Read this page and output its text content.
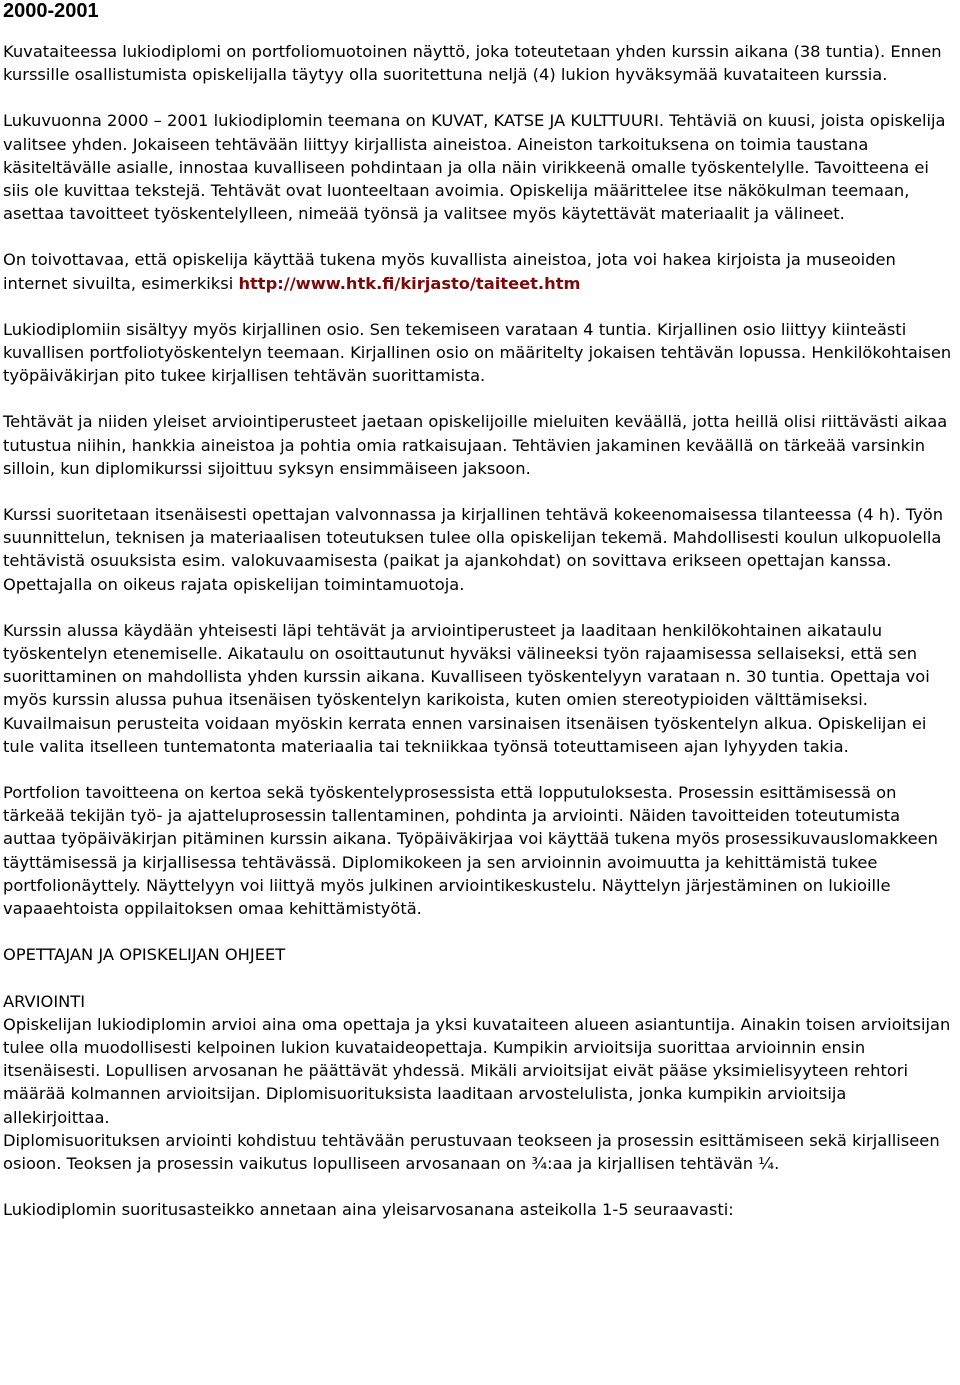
2000-2001

Kuvataiteessa lukiodiplomi on portfoliomuotoinen näyttö, joka toteutetaan yhden kurssin aikana (38 tuntia). Ennen kurssille osallistumista opiskelijalla täytyy olla suoritettuna neljä (4) lukion hyväksymää kuvataiteen kurssia.

Lukuvuonna 2000 – 2001 lukiodiplomin teemana on KUVAT, KATSE JA KULTTUURI. Tehtäviä on kuusi, joista opiskelija valitsee yhden. Jokaiseen tehtävään liittyy kirjallista aineistoa. Aineiston tarkoituksena on toimia taustana käsiteltävälle asialle, innostaa kuvalliseen pohdintaan ja olla näin virikkeenä omalle työskentelylle. Tavoitteena ei siis ole kuvittaa tekstejä. Tehtävät ovat luonteeltaan avoimia. Opiskelija määrittelee itse näkökulman teemaan, asettaa tavoitteet työskentelylleen, nimeää työnsä ja valitsee myös käytettävät materiaalit ja välineet.

On toivottavaa, että opiskelija käyttää tukena myös kuvallista aineistoa, jota voi hakea kirjoista ja museoiden internet sivuilta, esimerkiksi http://www.htk.fi/kirjasto/taiteet.htm

Lukiodiplomiin sisältyy myös kirjallinen osio. Sen tekemiseen varataan 4 tuntia. Kirjallinen osio liittyy kiinteästi kuvallisen portfoliotyöskentelyn teemaan. Kirjallinen osio on määritelty jokaisen tehtävän lopussa. Henkilökohtaisen työpäiväkirjan pito tukee kirjallisen tehtävän suorittamista.

Tehtävät ja niiden yleiset arviointiperusteet jaetaan opiskelijoille mieluiten keväällä, jotta heillä olisi riittävästi aikaa tutustua niihin, hankkia aineistoa ja pohtia omia ratkaisujaan. Tehtävien jakaminen keväällä on tärkeää varsinkin silloin, kun diplomikurssi sijoittuu syksyn ensimmäiseen jaksoon.

Kurssi suoritetaan itsenäisesti opettajan valvonnassa ja kirjallinen tehtävä kokeenomaisessa tilanteessa (4 h). Työn suunnittelun, teknisen ja materiaalisen toteutuksen tulee olla opiskelijan tekemä. Mahdollisesti koulun ulkopuolella tehtävistä osuuksista esim. valokuvaamisesta (paikat ja ajankohdat) on sovittava erikseen opettajan kanssa. Opettajalla on oikeus rajata opiskelijan toimintamuotoja.

Kurssin alussa käydään yhteisesti läpi tehtävät ja arviointiperusteet ja laaditaan henkilökohtainen aikataulu työskentelyn etenemiselle. Aikataulu on osoittautunut hyväksi välineeksi työn rajaamisessa sellaiseksi, että sen suorittaminen on mahdollista yhden kurssin aikana. Kuvalliseen työskentelyyn varataan n. 30 tuntia. Opettaja voi myös kurssin alussa puhua itsenäisen työskentelyn karikoista, kuten omien stereotypioiden välttämiseksi. Kuvailmaisun perusteita voidaan myöskin kerrata ennen varsinaisen itsenäisen työskentelyn alkua. Opiskelijan ei tule valita itselleen tuntematonta materiaalia tai tekniikkaa työnsä toteuttamiseen ajan lyhyyden takia.

Portfolion tavoitteena on kertoa sekä työskentelyprosessista että lopputuloksesta. Prosessin esittämisessä on tärkeää tekijän työ- ja ajatteluprosessin tallentaminen, pohdinta ja arviointi. Näiden tavoitteiden toteutumista auttaa työpäiväkirjan pitäminen kurssin aikana. Työpäiväkirjaa voi käyttää tukena myös prosessikuvauslomakkeen täyttämisessä ja kirjallisessa tehtävässä. Diplomikokeen ja sen arvioinnin avoimuutta ja kehittämistä tukee portfolionäyttely. Näyttelyyn voi liittyä myös julkinen arviointikeskustelu. Näyttelyn järjestäminen on lukioille vapaaehtoista oppilaitoksen omaa kehittämistyötä.

OPETTAJAN JA OPISKELIJAN OHJEET

ARVIOINTI

Opiskelijan lukiodiplomin arvioi aina oma opettaja ja yksi kuvataiteen alueen asiantuntija. Ainakin toisen arvioitsijan tulee olla muodollisesti kelpoinen lukion kuvataideopettaja. Kumpikin arvioitsija suorittaa arvioinnin ensin itsenäisesti. Lopullisen arvosanan he päättävät yhdessä. Mikäli arvioitsijat eivät pääse yksimielisyyteen rehtori määrää kolmannen arvioitsijan. Diplomisuorituksista laaditaan arvostelulista, jonka kumpikin arvioitsija allekirjoittaa.

Diplomisuorituksen arviointi kohdistuu tehtävään perustuvaan teokseen ja prosessin esittämiseen sekä kirjalliseen osioon. Teoksen ja prosessin vaikutus lopulliseen arvosanaan on ¾:aa ja kirjallisen tehtävän ¼.

Lukiodiplomin suoritusasteikko annetaan aina yleisarvosanana asteikolla 1-5 seuraavasti:
